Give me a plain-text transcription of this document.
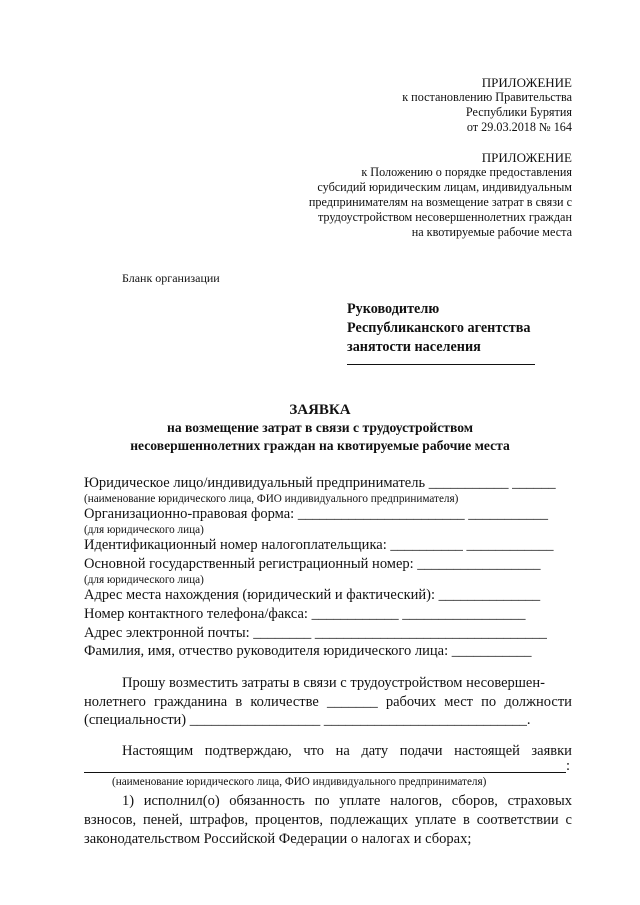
ПРИЛОЖЕНИЕ
к постановлению Правительства
Республики Бурятия
от 29.03.2018 № 164
ПРИЛОЖЕНИЕ
к Положению о порядке предоставления
субсидий юридическим лицам, индивидуальным
предпринимателям на возмещение затрат в связи с
трудоустройством несовершеннолетних граждан
на квотируемые рабочие места
Бланк организации
Руководителю
Республиканского агентства
занятости населения
ЗАЯВКА
на возмещение затрат в связи с трудоустройством
несовершеннолетних граждан на квотируемые рабочие места
Юридическое лицо/индивидуальный предприниматель ___________ ______
(наименование юридического лица, ФИО индивидуального предпринимателя)
Организационно-правовая форма: _______________________ ___________
(для юридического лица)
Идентификационный номер налогоплательщика: __________ ____________
Основной государственный регистрационный номер: _________________
(для юридического лица)
Адрес места нахождения (юридический и фактический): ______________
Номер контактного телефона/факса: ____________ _________________
Адрес электронной почты: ________ ________________________________
Фамилия, имя, отчество руководителя юридического лица: ___________
Прошу возместить затраты в связи с трудоустройством несовершен-
нолетнего гражданина в количестве _______ рабочих мест по должности
(специальности) __________________ ____________________________.
Настоящим подтверждаю, что на дату подачи настоящей заявки
:
(наименование юридического лица, ФИО индивидуального предпринимателя)
1) исполнил(о) обязанность по уплате налогов, сборов, страховых
взносов, пеней, штрафов, процентов, подлежащих уплате в соответствии с
законодательством Российской Федерации о налогах и сборах;
